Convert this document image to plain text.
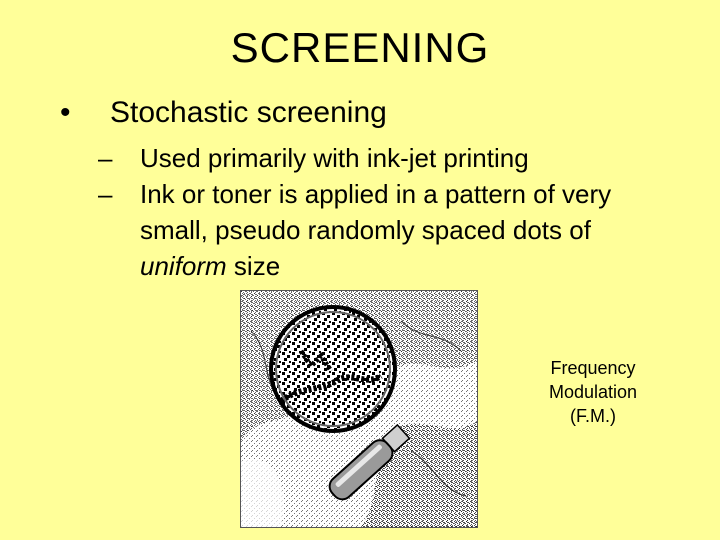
SCREENING
• Stochastic screening
– Used primarily with ink-jet printing
– Ink or toner is applied in a pattern of very small, pseudo randomly spaced dots of uniform size
Frequency
Modulation
(F.M.)
